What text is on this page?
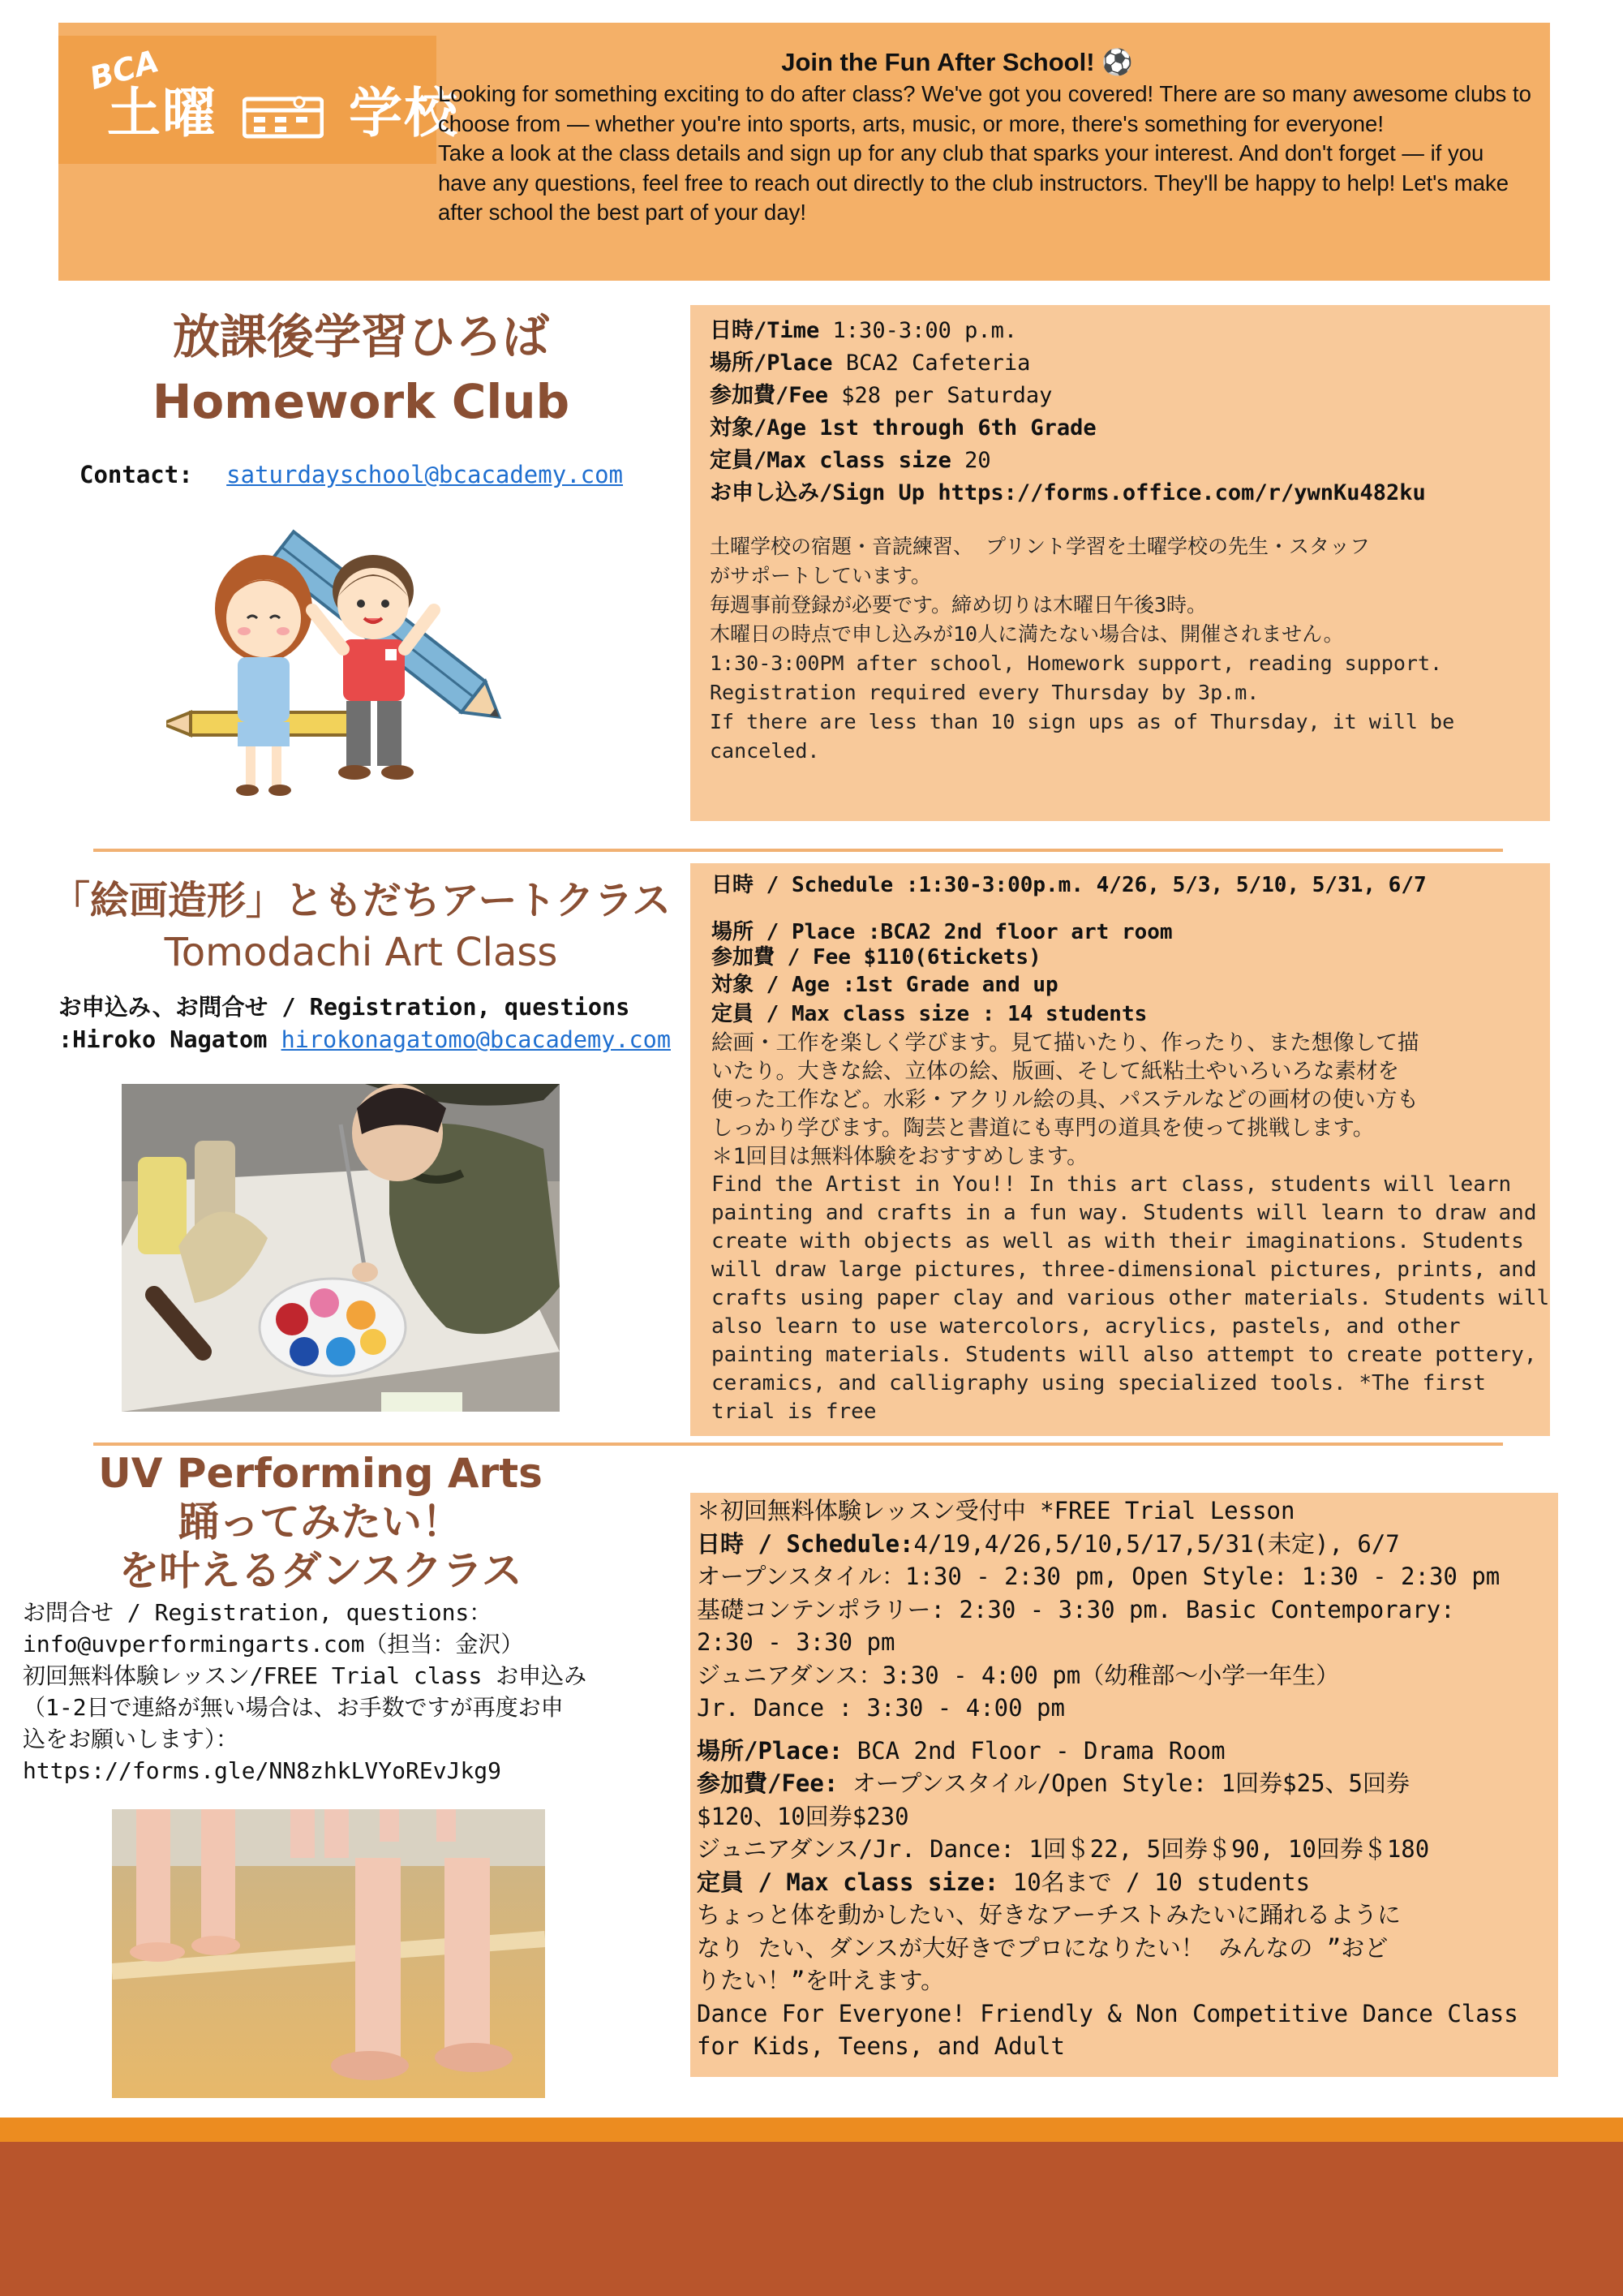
BCA
土曜 学校
Join the Fun After School! ⚽
Looking for something exciting to do after class? We've got you covered! There are so many awesome clubs to choose from — whether you're into sports, arts, music, or more, there's something for everyone!
Take a look at the class details and sign up for any club that sparks your interest. And don't forget — if you have any questions, feel free to reach out directly to the club instructors. They'll be happy to help! Let's make after school the best part of your day!
放課後学習ひろば
Homework Club
Contact: saturdayschool@bcacademy.com
日時/Time 1:30-3:00 p.m.
場所/Place BCA2 Cafeteria
参加費/Fee $28 per Saturday
対象/Age 1st through 6th Grade
定員/Max class size 20
お申し込み/Sign Up https://forms.office.com/r/ywnKu482ku
土曜学校の宿題・音読練習、 プリント学習を土曜学校の先生・スタッフ
がサポートしています。
毎週事前登録が必要です。締め切りは木曜日午後3時。
木曜日の時点で申し込みが10人に満たない場合は、開催されません。
1:30-3:00PM after school, Homework support, reading support.
Registration required every Thursday by 3p.m.
If there are less than 10 sign ups as of Thursday, it will be
canceled.
「絵画造形」ともだちアートクラス
Tomodachi Art Class
お申込み、お問合せ / Registration, questions
:Hiroko Nagatom hirokonagatomo@bcacademy.com
日時 / Schedule :1:30-3:00p.m. 4/26, 5/3, 5/10, 5/31, 6/7
場所 / Place :BCA2 2nd floor art room
参加費 / Fee $110(6tickets)
対象 / Age :1st Grade and up
定員 / Max class size : 14 students
絵画・工作を楽しく学びます。見て描いたり、作ったり、また想像して描
いたり。大きな絵、立体の絵、版画、そして紙粘土やいろいろな素材を
使った工作など。水彩・アクリル絵の具、パステルなどの画材の使い方も
しっかり学びます。陶芸と書道にも専門の道具を使って挑戦します。
＊1回目は無料体験をおすすめします。
Find the Artist in You!! In this art class, students will learn
painting and crafts in a fun way. Students will learn to draw and
create with objects as well as with their imaginations. Students
will draw large pictures, three-dimensional pictures, prints, and
crafts using paper clay and various other materials. Students will
also learn to use watercolors, acrylics, pastels, and other
painting materials. Students will also attempt to create pottery,
ceramics, and calligraphy using specialized tools. *The first
trial is free
UV Performing Arts
踊ってみたい！
を叶えるダンスクラス
お問合せ / Registration, questions：
info@uvperformingarts.com（担当：金沢）
初回無料体験レッスン/FREE Trial class お申込み
（1-2日で連絡が無い場合は、お手数ですが再度お申
込をお願いします）：
https://forms.gle/NN8zhkLVYoREvJkg9
＊初回無料体験レッスン受付中 *FREE Trial Lesson
日時 / Schedule:4/19,4/26,5/10,5/17,5/31(未定), 6/7
オープンスタイル：1:30 - 2:30 pm, Open Style: 1:30 - 2:30 pm
基礎コンテンポラリー: 2:30 - 3:30 pm. Basic Contemporary:
2:30 - 3:30 pm
ジュニアダンス：3:30 - 4:00 pm（幼稚部～小学一年生）
Jr. Dance : 3:30 - 4:00 pm
場所/Place: BCA 2nd Floor - Drama Room
参加費/Fee: オープンスタイル/Open Style: 1回券$25、5回券
$120、10回券$230
ジュニアダンス/Jr. Dance: 1回＄22, 5回券＄90, 10回券＄180
定員 / Max class size: 10名まで / 10 students
ちょっと体を動かしたい、好きなアーチストみたいに踊れるように
なり たい、ダンスが大好きでプロになりたい！ みんなの ”おど
りたい！”を叶えます。
Dance For Everyone! Friendly & Non Competitive Dance Class
for Kids, Teens, and Adult
